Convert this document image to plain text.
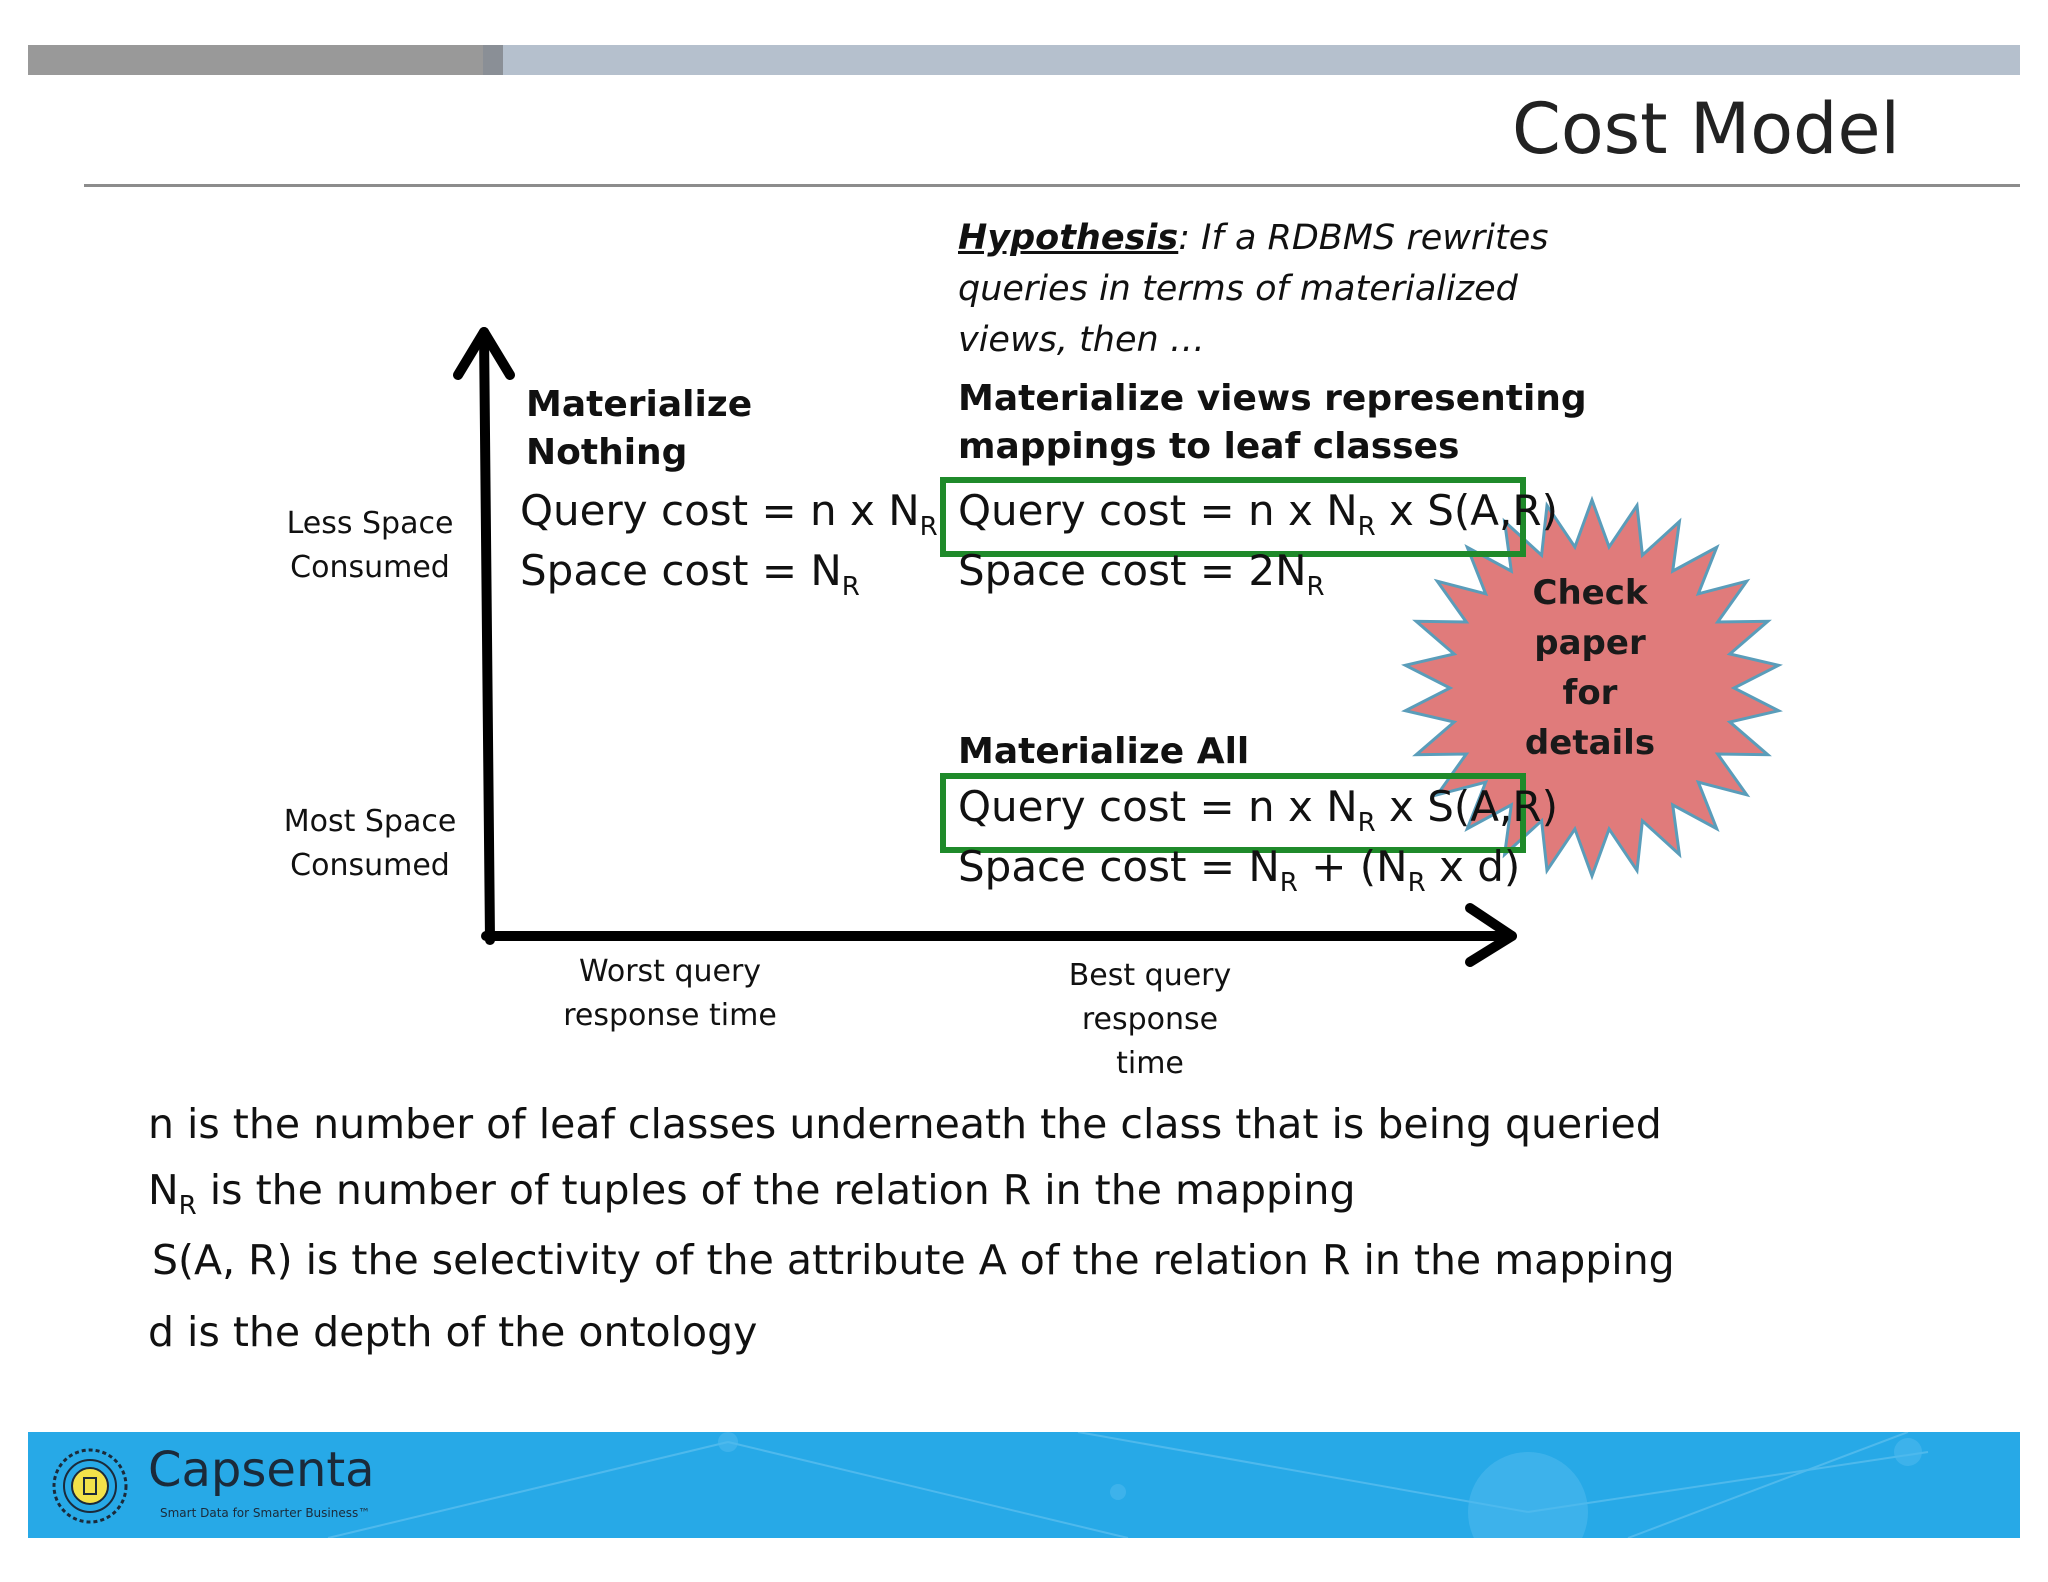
Cost Model
Hypothesis: If a RDBMS rewrites
queries in terms of materialized
views, then …
Less Space
Consumed
Most Space
Consumed
Worst query
response time
Best query
response
time
Materialize
Nothing
Query cost = n x $N_R$
Space $\cos t = N_R$
Materialize views representing
mappings to leaf classes
Query cost = n x $N_R$ x S(A,R)
Space $\cos t = 2N_R$
Materialize All
Query cost = n x $N_R$ x S(A,R)
Space $\cos t = N_R + (N_R$ x d)
Check
paper
for
details
n is the number of leaf classes underneath the class that is being queried
$N_R$ is the number of tuples of the relation R in the mapping
S(A, R) is the selectivity of the attribute A of the relation R in the mapping
d is the depth of the ontology
Capsenta
Smart Data for Smarter Business™
